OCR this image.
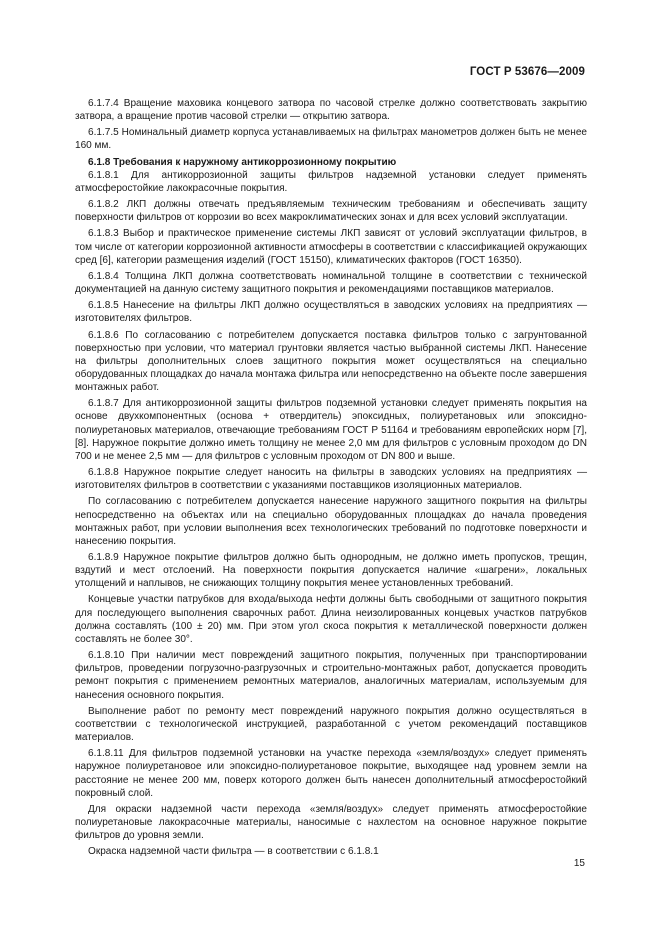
ГОСТ Р 53676—2009

6.1.7.4 Вращение маховика концевого затвора по часовой стрелке должно соответствовать закрытию затвора, а вращение против часовой стрелки — открытию затвора.

6.1.7.5 Номинальный диаметр корпуса устанавливаемых на фильтрах манометров должен быть не менее 160 мм.

6.1.8 Требования к наружному антикоррозионному покрытию

6.1.8.1 Для антикоррозионной защиты фильтров надземной установки следует применять атмосферостойкие лакокрасочные покрытия.

6.1.8.2 ЛКП должны отвечать предъявляемым техническим требованиям и обеспечивать защиту поверхности фильтров от коррозии во всех макроклиматических зонах и для всех условий эксплуатации.

6.1.8.3 Выбор и практическое применение системы ЛКП зависят от условий эксплуатации фильтров, в том числе от категории коррозионной активности атмосферы в соответствии с классификацией окружающих сред [6], категории размещения изделий (ГОСТ 15150), климатических факторов (ГОСТ 16350).

6.1.8.4 Толщина ЛКП должна соответствовать номинальной толщине в соответствии с технической документацией на данную систему защитного покрытия и рекомендациями поставщиков материалов.

6.1.8.5 Нанесение на фильтры ЛКП должно осуществляться в заводских условиях на предприятиях — изготовителях фильтров.

6.1.8.6 По согласованию с потребителем допускается поставка фильтров только с загрунтованной поверхностью при условии, что материал грунтовки является частью выбранной системы ЛКП. Нанесение на фильтры дополнительных слоев защитного покрытия может осуществляться на специально оборудованных площадках до начала монтажа фильтра или непосредственно на объекте после завершения монтажных работ.

6.1.8.7 Для антикоррозионной защиты фильтров подземной установки следует применять покрытия на основе двухкомпонентных (основа + отвердитель) эпоксидных, полиуретановых или эпоксидно-полиуретановых материалов, отвечающие требованиям ГОСТ Р 51164 и требованиям европейских норм [7], [8]. Наружное покрытие должно иметь толщину не менее 2,0 мм для фильтров с условным проходом до DN 700 и не менее 2,5 мм — для фильтров с условным проходом от DN 800 и выше.

6.1.8.8 Наружное покрытие следует наносить на фильтры в заводских условиях на предприятиях — изготовителях фильтров в соответствии с указаниями поставщиков изоляционных материалов.

По согласованию с потребителем допускается нанесение наружного защитного покрытия на фильтры непосредственно на объектах или на специально оборудованных площадках до начала проведения монтажных работ, при условии выполнения всех технологических требований по подготовке поверхности и нанесению покрытия.

6.1.8.9 Наружное покрытие фильтров должно быть однородным, не должно иметь пропусков, трещин, вздутий и мест отслоений. На поверхности покрытия допускается наличие «шагрени», локальных утолщений и наплывов, не снижающих толщину покрытия менее установленных требований.

Концевые участки патрубков для входа/выхода нефти должны быть свободными от защитного покрытия для последующего выполнения сварочных работ. Длина неизолированных концевых участков патрубков должна составлять (100 ± 20) мм. При этом угол скоса покрытия к металлической поверхности должен составлять не более 30°.

6.1.8.10 При наличии мест повреждений защитного покрытия, полученных при транспортировании фильтров, проведении погрузочно-разгрузочных и строительно-монтажных работ, допускается проводить ремонт покрытия с применением ремонтных материалов, аналогичных материалам, используемым для нанесения основного покрытия.

Выполнение работ по ремонту мест повреждений наружного покрытия должно осуществляться в соответствии с технологической инструкцией, разработанной с учетом рекомендаций поставщиков материалов.

6.1.8.11 Для фильтров подземной установки на участке перехода «земля/воздух» следует применять наружное полиуретановое или эпоксидно-полиуретановое покрытие, выходящее над уровнем земли на расстояние не менее 200 мм, поверх которого должен быть нанесен дополнительный атмосферостойкий покровный слой.

Для окраски надземной части перехода «земля/воздух» следует применять атмосферостойкие полиуретановые лакокрасочные материалы, наносимые с нахлестом на основное наружное покрытие фильтров до уровня земли.

Окраска надземной части фильтра — в соответствии с 6.1.8.1

15
